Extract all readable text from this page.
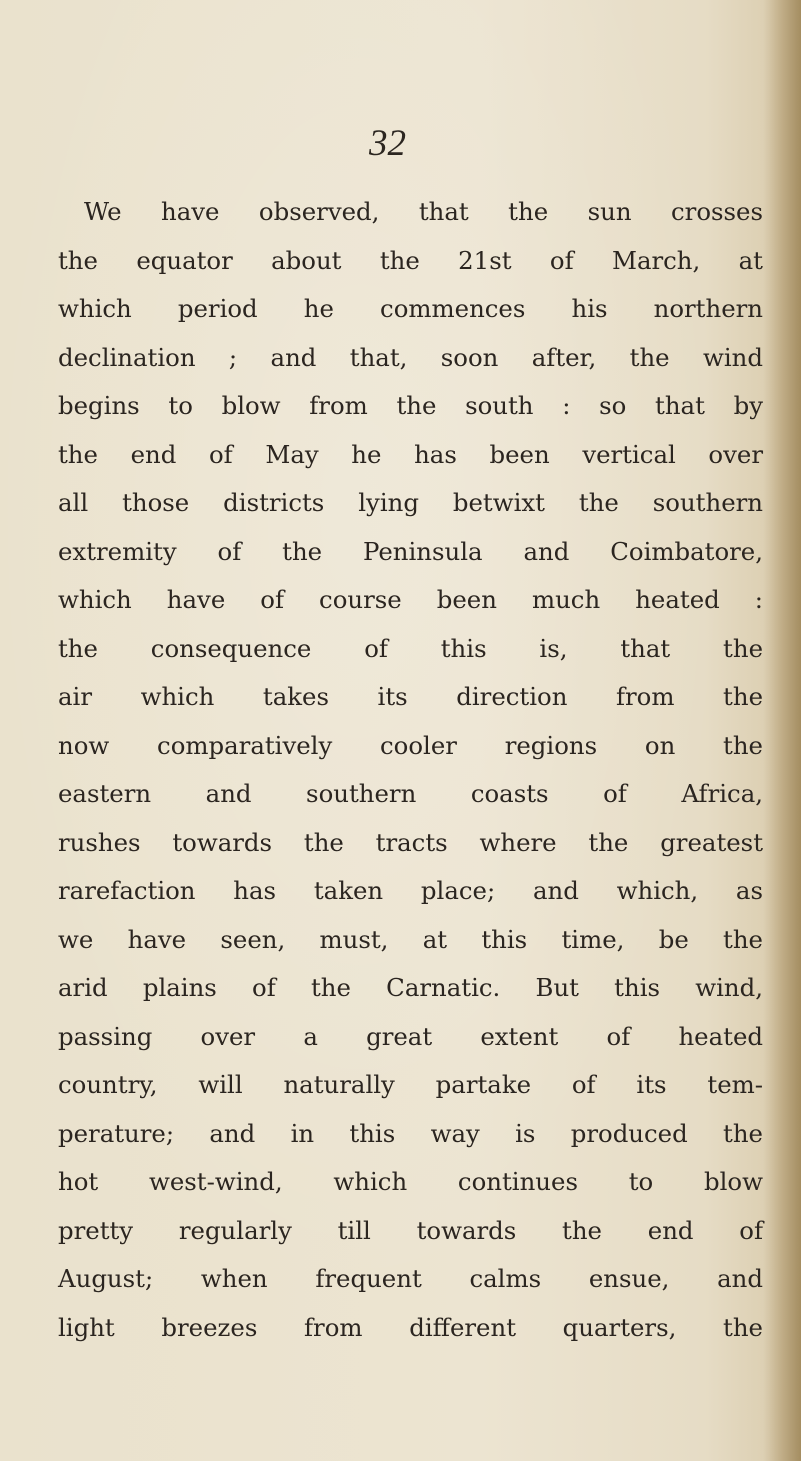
32
We have observed, that the sun crosses
the equator about the 21st of March, at
which period he commences his northern
declination ; and that, soon after, the wind
begins to blow from the south : so that by
the end of May he has been vertical over
all those districts lying betwixt the southern
extremity of the Peninsula and Coimbatore,
which have of course been much heated :
the consequence of this is, that the
air which takes its direction from the
now comparatively cooler regions on the
eastern and southern coasts of Africa,
rushes towards the tracts where the greatest
rarefaction has taken place; and which, as
we have seen, must, at this time, be the
arid plains of the Carnatic. But this wind,
passing over a great extent of heated
country, will naturally partake of its tem-
perature; and in this way is produced the
hot west-wind, which continues to blow
pretty regularly till towards the end of
August; when frequent calms ensue, and
light breezes from different quarters, the
